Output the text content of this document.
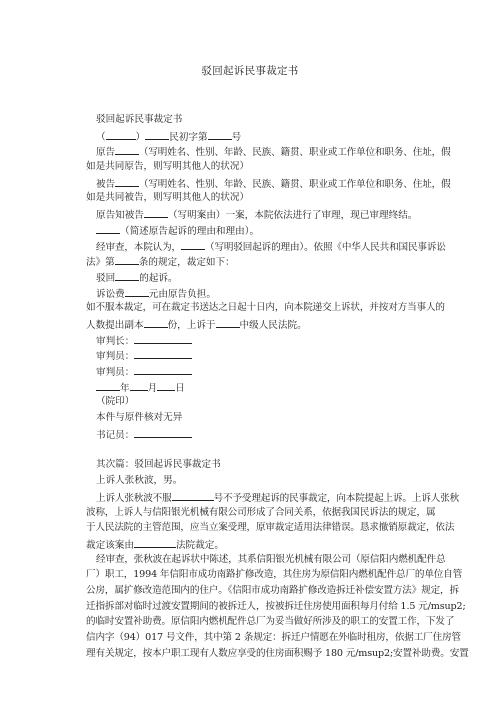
驳回起诉民事裁定书
驳回起诉民事裁定书
（	）	民初字第	号
原告	（写明姓名、性别、年龄、民族、籍贯、职业或工作单位和职务、住址，假
如是共同原告，则写明其他人的状况）
被告	（写明姓名、性别、年龄、民族、籍贯、职业或工作单位和职务、住址，假
如是共同被告，则写明其他人的状况）
原告知被告	（写明案由）一案，本院依法进行了审理，现已审理终结。
（简述原告起诉的理由和理由）。
经审查，本院认为，	（写明驳回起诉的理由）。依照《中华人民共和国民事诉讼
法》第	条的规定，裁定如下：
驳回	的起诉。
诉讼费	元由原告负担。
如不服本裁定，可在裁定书送达之日起十日内，向本院递交上诉状，并按对方当事人的
人数提出副本	份，上诉于	中级人民法院。
审判长：
审判员：
审判员：
年 月 日
（院印）
本件与原件核对无异
书记员：
其次篇：驳回起诉民事裁定书
上诉人张秋波，男。
上诉人张秋波不服	号不予受理起诉的民事裁定，向本院提起上诉。上诉人张秋
波称，上诉人与信阳银光机械有限公司形成了合同关系，依据我国民诉法的规定，属
于人民法院的主管范围，应当立案受理，原审裁定适用法律错误。恳求撤销原裁定，依法
裁定该案由	法院裁定。
经审查，张秋波在起诉状中陈述，其系信阳银光机械有限公司（原信阳内燃机配件总
厂）职工，1994 年信阳市成功南路扩修改造，其住房为原信阳内燃机配件总厂的单位自管
公房，属扩修改造范围内的住户。《信阳市成功南路扩修改造拆迁补偿安置方法》规定，拆
迁指拆部对临时过渡安置期间的被拆迁人，按被拆迁住房使用面积每月付给 1.5 元/msup2;
的临时安置补助费。原信阳内燃机配件总厂为妥当做好所涉及的职工的安置工作，下发了
信内字（94）017 号文件，其中第 2 条规定：拆迁户情愿在外临时租房，依据工厂住房管
理有关规定，按本户职工现有人数应享受的住房面积赐予 180 元/msup2;安置补助费。安置
